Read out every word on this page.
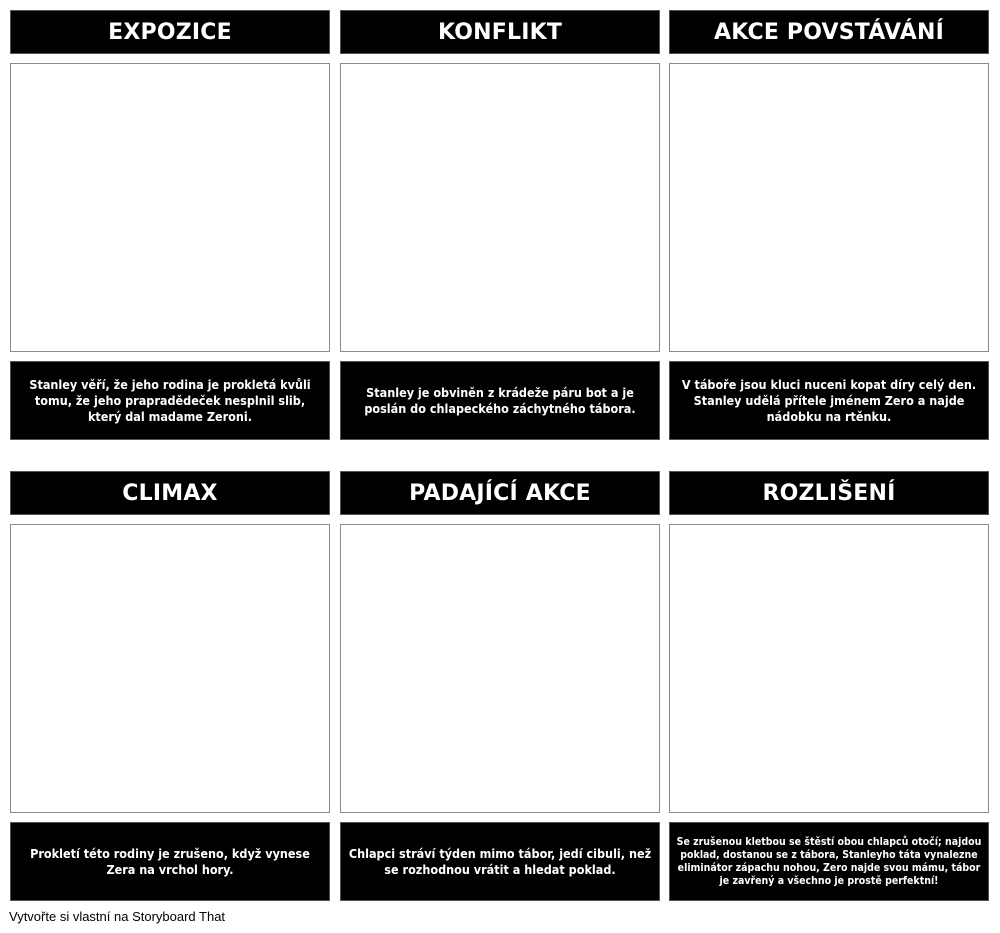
EXPOZICE
Stanley věří, že jeho rodina je prokletá kvůli tomu, že jeho prapradědeček nesplnil slib, který dal madame Zeroni.
KONFLIKT
Stanley je obviněn z krádeže páru bot a je poslán do chlapeckého záchytného tábora.
AKCE POVSTÁVÁNÍ
V táboře jsou kluci nuceni kopat díry celý den. Stanley udělá přítele jménem Zero a najde nádobku na rtěnku.
CLIMAX
Prokletí této rodiny je zrušeno, když vynese Zera na vrchol hory.
PADAJÍCÍ AKCE
Chlapci stráví týden mimo tábor, jedí cibuli, než se rozhodnou vrátit a hledat poklad.
ROZLIŠENÍ
Se zrušenou kletbou se štěstí obou chlapců otočí; najdou poklad, dostanou se z tábora, Stanleyho táta vynalezne eliminátor zápachu nohou, Zero najde svou mámu, tábor je zavřený a všechno je prostě perfektní!
Vytvořte si vlastní na Storyboard That
